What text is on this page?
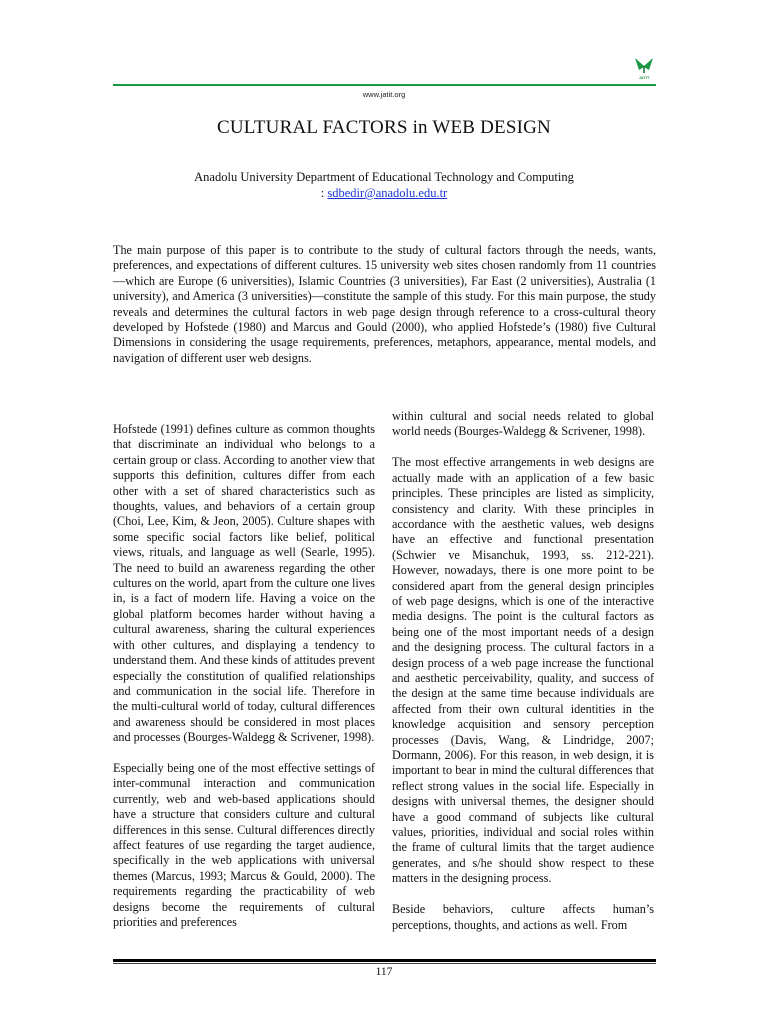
JATIT
www.jatit.org
CULTURAL FACTORS in WEB DESIGN
Anadolu University Department of Educational Technology and Computing
: sdbedir@anadolu.edu.tr

The main purpose of this paper is to contribute to the study of cultural factors through the needs, wants, preferences, and expectations of different cultures. 15 university web sites chosen randomly from 11 countries—which are Europe (6 universities), Islamic Countries (3 universities), Far East (2 universities), Australia (1 university), and America (3 universities)—constitute the sample of this study. For this main purpose, the study reveals and determines the cultural factors in web page design through reference to a cross-cultural theory developed by Hofstede (1980) and Marcus and Gould (2000), who applied Hofstede’s (1980) five Cultural Dimensions in considering the usage requirements, preferences, metaphors, appearance, mental models, and navigation of different user web designs.

Hofstede (1991) defines culture as common thoughts that discriminate an individual who belongs to a certain group or class. According to another view that supports this definition, cultures differ from each other with a set of shared characteristics such as thoughts, values, and behaviors of a certain group (Choi, Lee, Kim, & Jeon, 2005). Culture shapes with some specific social factors like belief, political views, rituals, and language as well (Searle, 1995). The need to build an awareness regarding the other cultures on the world, apart from the culture one lives in, is a fact of modern life. Having a voice on the global platform becomes harder without having a cultural awareness, sharing the cultural experiences with other cultures, and displaying a tendency to understand them. And these kinds of attitudes prevent especially the constitution of qualified relationships and communication in the social life. Therefore in the multi-cultural world of today, cultural differences and awareness should be considered in most places and processes (Bourges-Waldegg & Scrivener, 1998).

Especially being one of the most effective settings of inter-communal interaction and communication currently, web and web-based applications should have a structure that considers culture and cultural differences in this sense. Cultural differences directly affect features of use regarding the target audience, specifically in the web applications with universal themes (Marcus, 1993; Marcus & Gould, 2000). The requirements regarding the practicability of web designs become the requirements of cultural priorities and preferences

within cultural and social needs related to global world needs (Bourges-Waldegg & Scrivener, 1998).

The most effective arrangements in web designs are actually made with an application of a few basic principles. These principles are listed as simplicity, consistency and clarity. With these principles in accordance with the aesthetic values, web designs have an effective and functional presentation (Schwier ve Misanchuk, 1993, ss. 212-221). However, nowadays, there is one more point to be considered apart from the general design principles of web page designs, which is one of the interactive media designs. The point is the cultural factors as being one of the most important needs of a design and the designing process. The cultural factors in a design process of a web page increase the functional and aesthetic perceivability, quality, and success of the design at the same time because individuals are affected from their own cultural identities in the knowledge acquisition and sensory perception processes (Davis, Wang, & Lindridge, 2007; Dormann, 2006). For this reason, in web design, it is important to bear in mind the cultural differences that reflect strong values in the social life. Especially in designs with universal themes, the designer should have a good command of subjects like cultural values, priorities, individual and social roles within the frame of cultural limits that the target audience generates, and s/he should show respect to these matters in the designing process.

Beside behaviors, culture affects human’s perceptions, thoughts, and actions as well. From

117
